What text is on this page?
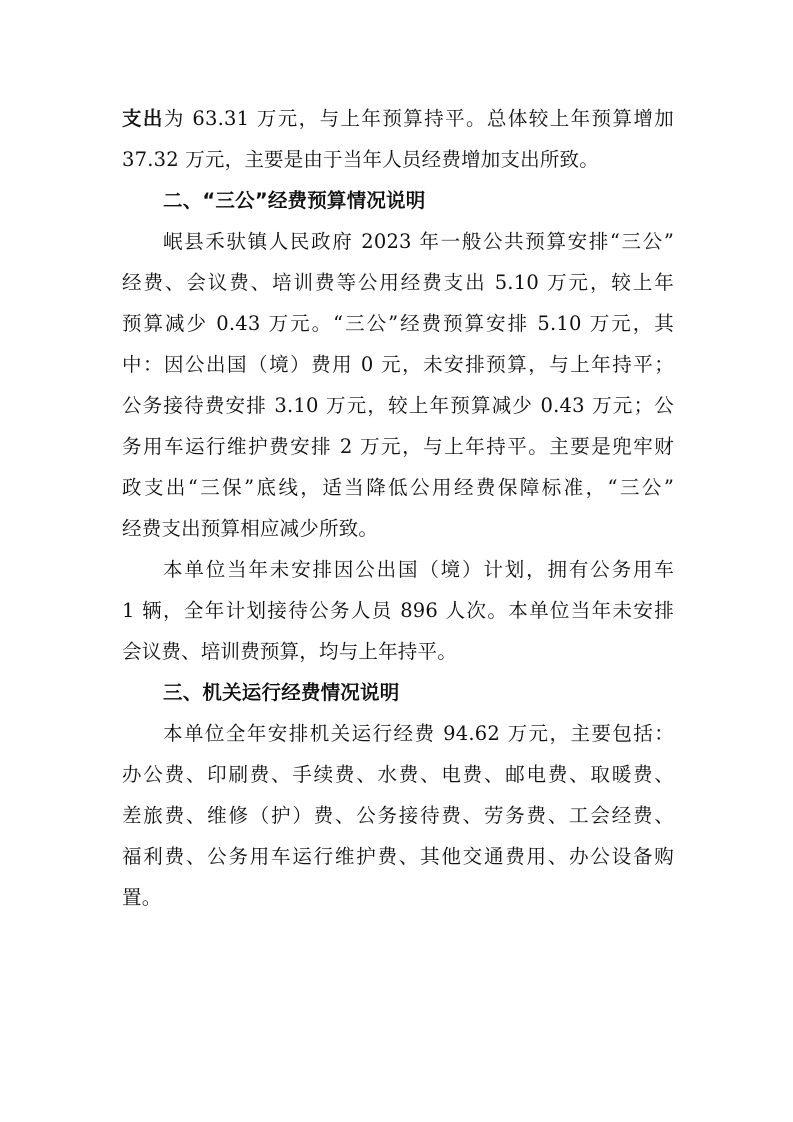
支出为 63.31 万元，与上年预算持平。总体较上年预算增加
37.32 万元，主要是由于当年人员经费增加支出所致。
二、“三公”经费预算情况说明
岷县禾驮镇人民政府 2023 年一般公共预算安排“三公”
经费、会议费、培训费等公用经费支出 5.10 万元，较上年
预算减少 0.43 万元。“三公”经费预算安排 5.10 万元，其
中：因公出国（境）费用 0 元，未安排预算，与上年持平；
公务接待费安排 3.10 万元，较上年预算减少 0.43 万元；公
务用车运行维护费安排 2 万元，与上年持平。主要是兜牢财
政支出“三保”底线，适当降低公用经费保障标准，“三公”
经费支出预算相应减少所致。
本单位当年未安排因公出国（境）计划，拥有公务用车
1 辆，全年计划接待公务人员 896 人次。本单位当年未安排
会议费、培训费预算，均与上年持平。
三、机关运行经费情况说明
本单位全年安排机关运行经费 94.62 万元，主要包括：
办公费、印刷费、手续费、水费、电费、邮电费、取暖费、
差旅费、维修（护）费、公务接待费、劳务费、工会经费、
福利费、公务用车运行维护费、其他交通费用、办公设备购
置。
